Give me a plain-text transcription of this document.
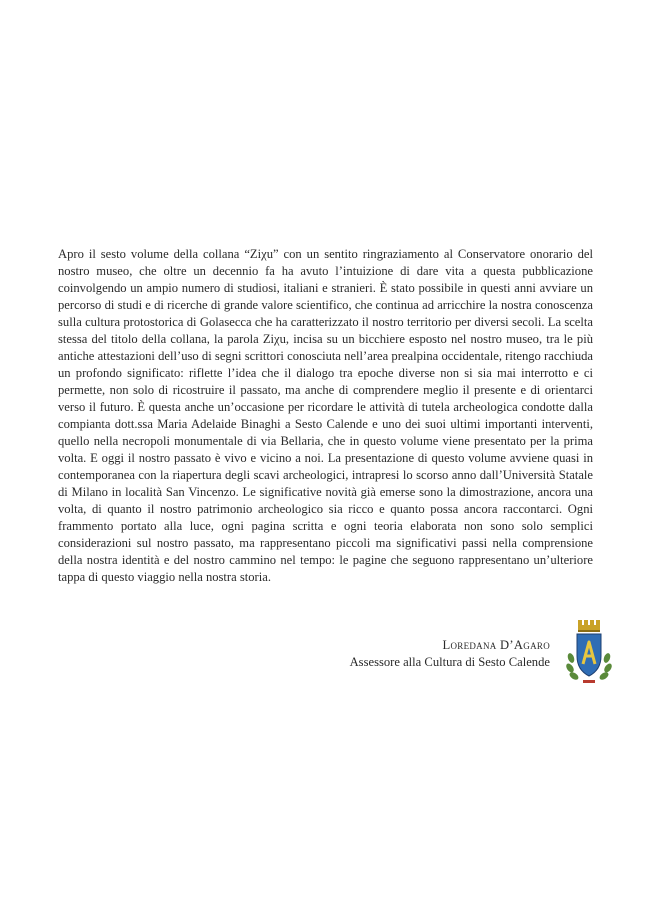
Apro il sesto volume della collana “Ziχu” con un sentito ringraziamento al Conservatore onorario del nostro museo, che oltre un decennio fa ha avuto l’intuizione di dare vita a questa pubblicazione coinvolgendo un ampio numero di studiosi, italiani e stranieri. È stato possibile in questi anni avviare un percorso di studi e di ricerche di grande valore scientifico, che continua ad arricchire la nostra conoscenza sulla cultura protostorica di Golasecca che ha caratterizzato il nostro territorio per diversi secoli. La scelta stessa del titolo della collana, la parola Ziχu, incisa su un bicchiere esposto nel nostro museo, tra le più antiche attestazioni dell’uso di segni scrittori conosciuta nell’area prealpina occidentale, ritengo racchiuda un profondo significato: riflette l’idea che il dialogo tra epoche diverse non si sia mai interrotto e ci permette, non solo di ricostruire il passato, ma anche di comprendere meglio il presente e di orientarci verso il futuro. È questa anche un’occasione per ricordare le attività di tutela archeologica condotte dalla compianta dott.ssa Maria Adelaide Binaghi a Sesto Calende e uno dei suoi ultimi importanti interventi, quello nella necropoli monumentale di via Bellaria, che in questo volume viene presentato per la prima volta. E oggi il nostro passato è vivo e vicino a noi. La presentazione di questo volume avviene quasi in contemporanea con la riapertura degli scavi archeologici, intrapresi lo scorso anno dall’Università Statale di Milano in località San Vincenzo. Le significative novità già emerse sono la dimostrazione, ancora una volta, di quanto il nostro patrimonio archeologico sia ricco e quanto possa ancora raccontarci. Ogni frammento portato alla luce, ogni pagina scritta e ogni teoria elaborata non sono solo semplici considerazioni sul nostro passato, ma rappresentano piccoli ma significativi passi nella comprensione della nostra identità e del nostro cammino nel tempo: le pagine che seguono rappresentano un’ulteriore tappa di questo viaggio nella nostra storia.

Loredana D’Agaro
Assessore alla Cultura di Sesto Calende
